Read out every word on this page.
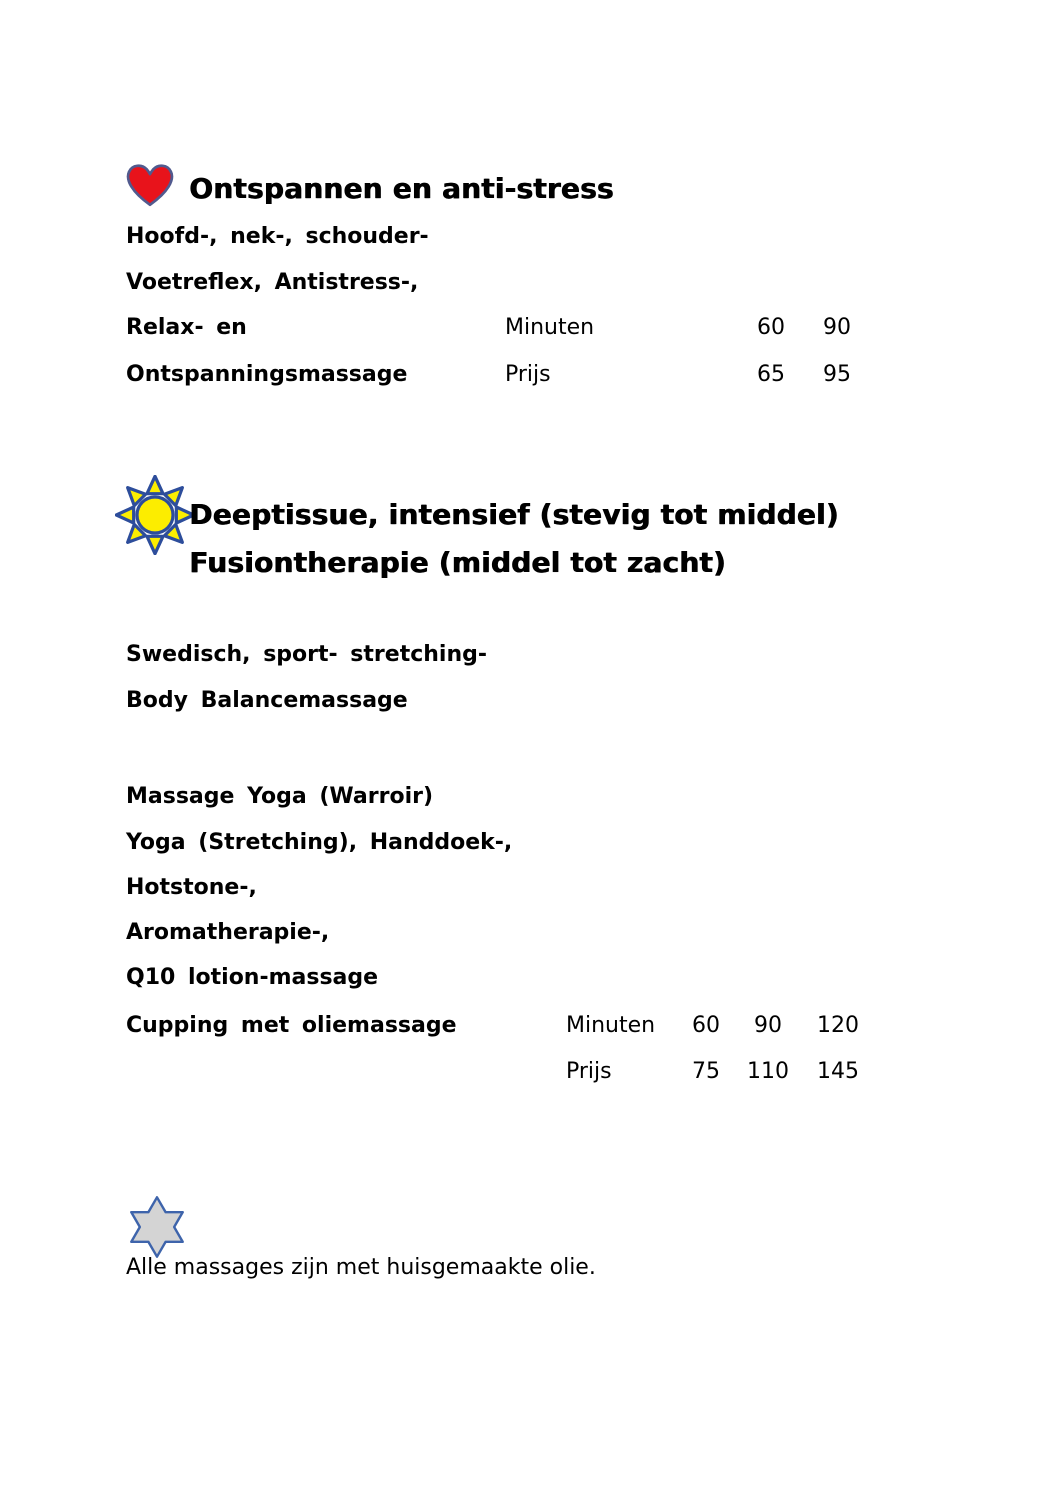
Ontspannen en anti-stress
Hoofd-, nek-, schouder-
Voetreflex, Antistress-,
Relax- en	Minuten	60	90
Ontspanningsmassage	Prijs	65	95
Deeptissue, intensief (stevig tot middel)
Fusiontherapie (middel tot zacht)
Swedisch, sport- stretching-
Body Balancemassage
Massage Yoga (Warroir)
Yoga (Stretching), Handdoek-,
Hotstone-,
Aromatherapie-,
Q10 lotion-massage
Cupping met oliemassage	Minuten	60	90	120
Prijs	75	110	145
Alle massages zijn met huisgemaakte olie.
